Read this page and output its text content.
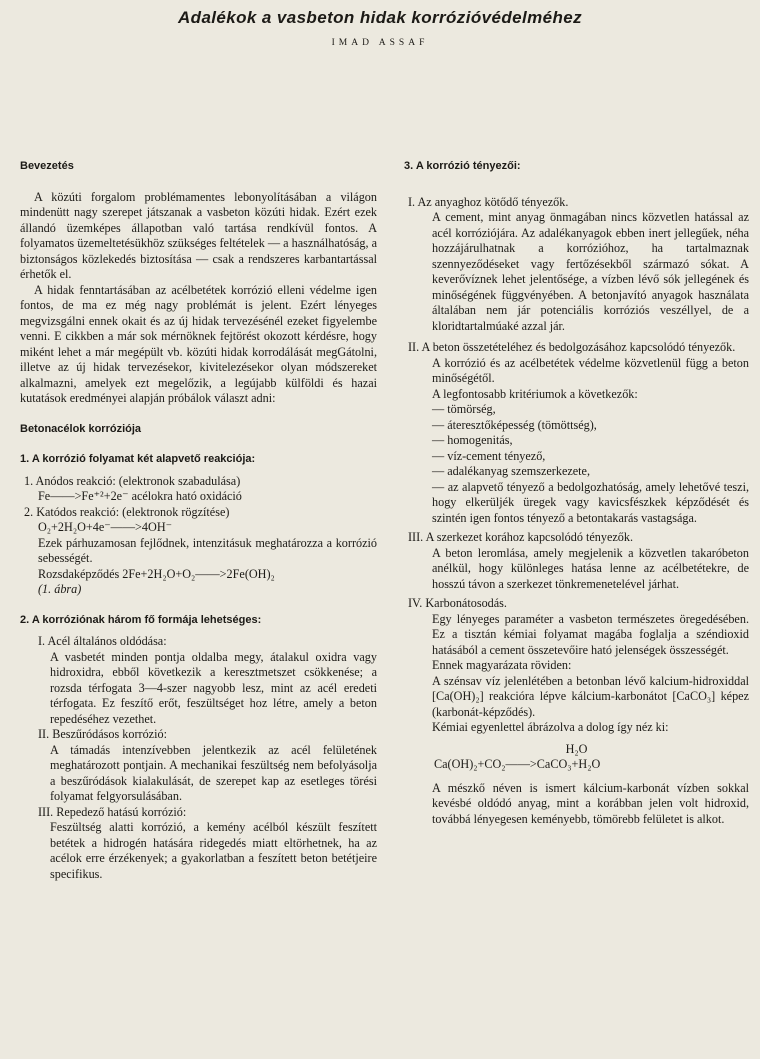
Adalékok a vasbeton hidak korrózióvédelméhez
IMAD ASSAF
Bevezetés

A közúti forgalom problémamentes lebonyolításában a világon mindenütt nagy szerepet játszanak a vasbeton közúti hidak. Ezért ezek állandó üzemképes állapotban való tartása rendkívül fontos. A folyamatos üzemeltetésükhöz szükséges feltételek — a használhatóság, a biztonságos közlekedés biztosítása — csak a rendszeres karbantartással érhetők el.

A hidak fenntartásában az acélbetétek korrózió elleni védelme igen fontos, de ma ez még nagy problémát is jelent. Ezért lényeges megvizsgálni ennek okait és az új hidak tervezésénél ezeket figyelembe venni. E cikkben a már sok mérnöknek fejtörést okozott kérdésre, hogy miként lehet a már megépült vb. közúti hidak korrodálását megGátolni, illetve az új hidak tervezésekor, kivitelezésekor olyan módszereket alkalmazni, amelyek ezt megelőzik, a legújabb külföldi és hazai kutatások eredményei alapján próbálok választ adni:

Betonacélok korróziója
1. A korrózió folyamat két alapvető reakciója:
1. Anódos reakció: (elektronok szabadulása)
Fe——>Fe⁺²+2e⁻ acélokra ható oxidáció
2. Katódos reakció: (elektronok rögzítése)
O₂+2H₂O+4e⁻——>4OH⁻
Ezek párhuzamosan fejlődnek, intenzitásuk meghatározza a korrózió sebességét.
Rozsdaképződés 2Fe+2H₂O+O₂——>2Fe(OH)₂
(1. ábra)
2. A korróziónak három fő formája lehetséges:
I. Acél általános oldódása:
A vasbetét minden pontja oldalba megy, átalakul oxidra vagy hidroxidra, ebből következik a keresztmetszet csökkenése; a rozsda térfogata 3—4-szer nagyobb lesz, mint az acél eredeti térfogata. Ez feszítő erőt, feszültséget hoz létre, amely a beton repedéséhez vezethet.
II. Beszűródásos korrózió:
A támadás intenzívebben jelentkezik az acél felületének meghatározott pontjain. A mechanikai feszültség nem befolyásolja a beszűródások kialakulását, de szerepet kap az esetleges törési folyamat felgyorsulásában.
III. Repedező hatású korrózió:
Feszültség alatti korrózió, a kemény acélból készült feszített betétek a hidrogén hatására ridegedés miatt eltörhetnek, ha az acélok erre érzékenyek; a gyakorlatban a feszített beton betétjeire specifikus.
3. A korrózió tényezői:
I. Az anyaghoz kötődő tényezők.
A cement, mint anyag önmagában nincs közvetlen hatással az acél korróziójára. Az adalékanyagok ebben inert jellegűek, néha hozzájárulhatnak a korrózióhoz, ha tartalmaznak szennyeződéseket vagy fertőzésekből származó sókat. A keverővíznek lehet jelentősége, a vízben lévő sók jellegének és minőségének függvényében. A betonjavító anyagok használata általában nem jár potenciális korróziós veszéllyel, de a kloridtartalmúaké azzal jár.
II. A beton összetételéhez és bedolgozásához kapcsolódó tényezők.
A korrózió és az acélbetétek védelme közvetlenül függ a beton minőségétől.
A legfontosabb kritériumok a következők:
— tömörség,
— áteresztőképesség (tömöttség),
— homogenitás,
— víz-cement tényező,
— adalékanyag szemszerkezete,
— az alapvető tényező a bedolgozhatóság, amely lehetővé teszi, hogy elkerüljék üregek vagy kavicsfészkek képződését és szintén igen fontos tényező a betontakarás vastagsága.
III. A szerkezet korához kapcsolódó tényezők.
A beton leromlása, amely megjelenik a közvetlen takaróbeton anélkül, hogy különleges hatása lenne az acélbetétekre, de hosszú távon a szerkezet tönkremenetelével járhat.
IV. Karbonátosodás.
Egy lényeges paraméter a vasbeton természetes öregedésében. Ez a tisztán kémiai folyamat magába foglalja a széndioxid hatásából a cement összetevőire ható jelenségek összességét.
Ennek magyarázata röviden:
A szénsav víz jelenlétében a betonban lévő kalcium-hidroxiddal [Ca(OH)₂] reakcióra lépve kálcium-karbonátot [CaCO₃] képez (karbonát-képződés).
Kémiai egyenlettel ábrázolva a dolog így néz ki:
H₂O
Ca(OH)₂+CO₂——>CaCO₃+H₂O
A mészkő néven is ismert kálcium-karbonát vízben sokkal kevésbé oldódó anyag, mint a korábban jelen volt hidroxid, továbbá lényegesen keményebb, tömörebb felületet is alkot.
